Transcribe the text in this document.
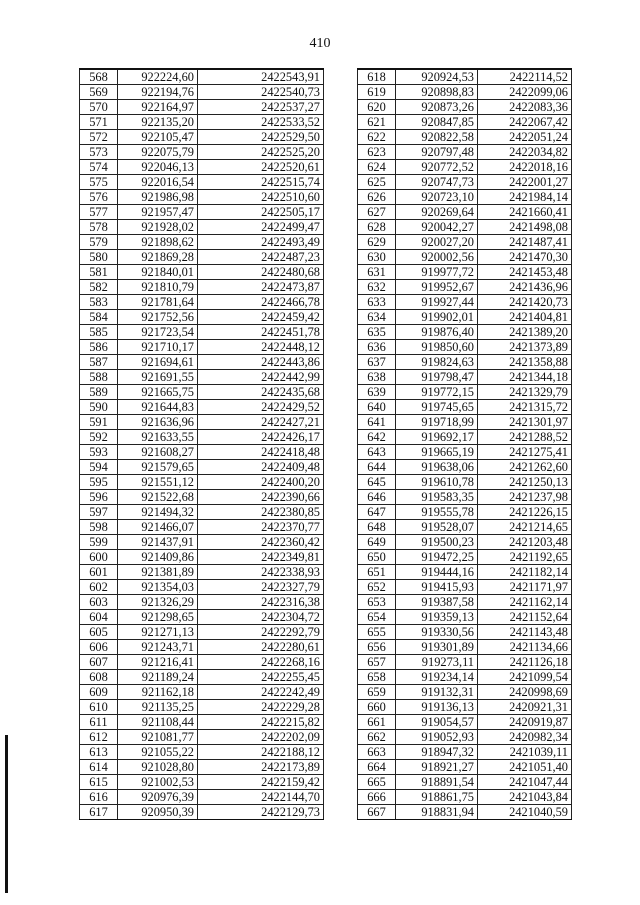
410
568	922224,60	2422543,91
569	922194,76	2422540,73
570	922164,97	2422537,27
571	922135,20	2422533,52
572	922105,47	2422529,50
573	922075,79	2422525,20
574	922046,13	2422520,61
575	922016,54	2422515,74
576	921986,98	2422510,60
577	921957,47	2422505,17
578	921928,02	2422499,47
579	921898,62	2422493,49
580	921869,28	2422487,23
581	921840,01	2422480,68
582	921810,79	2422473,87
583	921781,64	2422466,78
584	921752,56	2422459,42
585	921723,54	2422451,78
586	921710,17	2422448,12
587	921694,61	2422443,86
588	921691,55	2422442,99
589	921665,75	2422435,68
590	921644,83	2422429,52
591	921636,96	2422427,21
592	921633,55	2422426,17
593	921608,27	2422418,48
594	921579,65	2422409,48
595	921551,12	2422400,20
596	921522,68	2422390,66
597	921494,32	2422380,85
598	921466,07	2422370,77
599	921437,91	2422360,42
600	921409,86	2422349,81
601	921381,89	2422338,93
602	921354,03	2422327,79
603	921326,29	2422316,38
604	921298,65	2422304,72
605	921271,13	2422292,79
606	921243,71	2422280,61
607	921216,41	2422268,16
608	921189,24	2422255,45
609	921162,18	2422242,49
610	921135,25	2422229,28
611	921108,44	2422215,82
612	921081,77	2422202,09
613	921055,22	2422188,12
614	921028,80	2422173,89
615	921002,53	2422159,42
616	920976,39	2422144,70
617	920950,39	2422129,73
618	920924,53	2422114,52
619	920898,83	2422099,06
620	920873,26	2422083,36
621	920847,85	2422067,42
622	920822,58	2422051,24
623	920797,48	2422034,82
624	920772,52	2422018,16
625	920747,73	2422001,27
626	920723,10	2421984,14
627	920269,64	2421660,41
628	920042,27	2421498,08
629	920027,20	2421487,41
630	920002,56	2421470,30
631	919977,72	2421453,48
632	919952,67	2421436,96
633	919927,44	2421420,73
634	919902,01	2421404,81
635	919876,40	2421389,20
636	919850,60	2421373,89
637	919824,63	2421358,88
638	919798,47	2421344,18
639	919772,15	2421329,79
640	919745,65	2421315,72
641	919718,99	2421301,97
642	919692,17	2421288,52
643	919665,19	2421275,41
644	919638,06	2421262,60
645	919610,78	2421250,13
646	919583,35	2421237,98
647	919555,78	2421226,15
648	919528,07	2421214,65
649	919500,23	2421203,48
650	919472,25	2421192,65
651	919444,16	2421182,14
652	919415,93	2421171,97
653	919387,58	2421162,14
654	919359,13	2421152,64
655	919330,56	2421143,48
656	919301,89	2421134,66
657	919273,11	2421126,18
658	919234,14	2421099,54
659	919132,31	2420998,69
660	919136,13	2420921,31
661	919054,57	2420919,87
662	919052,93	2420982,34
663	918947,32	2421039,11
664	918921,27	2421051,40
665	918891,54	2421047,44
666	918861,75	2421043,84
667	918831,94	2421040,59
